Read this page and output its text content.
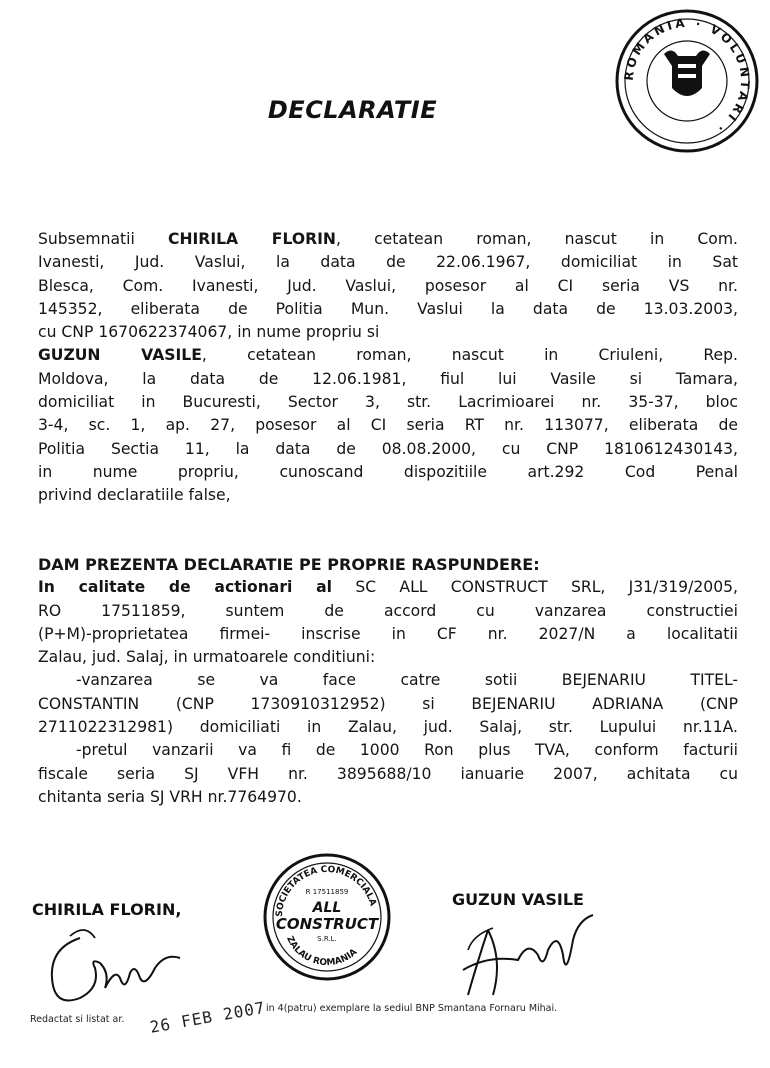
ROMANIA · VOLUNTARI ·
DECLARATIE
Subsemnatii CHIRILA FLORIN, cetatean roman, nascut in Com.
Ivanesti, Jud. Vaslui, la data de 22.06.1967, domiciliat in Sat
Blesca, Com. Ivanesti, Jud. Vaslui, posesor al CI seria VS nr.
145352, eliberata de Politia Mun. Vaslui la data de 13.03.2003,
cu CNP 1670622374067, in nume propriu si
GUZUN VASILE, cetatean roman, nascut in Criuleni, Rep.
Moldova, la data de 12.06.1981, fiul lui Vasile si Tamara,
domiciliat in Bucuresti, Sector 3, str. Lacrimioarei nr. 35-37, bloc
3-4, sc. 1, ap. 27, posesor al CI seria RT nr. 113077, eliberata de
Politia Sectia 11, la data de 08.08.2000, cu CNP 1810612430143,
in nume propriu, cunoscand dispozitiile art.292 Cod Penal
privind declaratiile false,
DAM PREZENTA DECLARATIE PE PROPRIE RASPUNDERE:
In calitate de actionari al SC ALL CONSTRUCT SRL, J31/319/2005,
RO 17511859, suntem de accord cu vanzarea constructiei
(P+M)-proprietatea firmei- inscrise in CF nr. 2027/N a localitatii
Zalau, jud. Salaj, in urmatoarele conditiuni:
-vanzarea se va face catre sotii BEJENARIU TITEL-
CONSTANTIN (CNP 1730910312952) si BEJENARIU ADRIANA (CNP
2711022312981) domiciliati in Zalau, jud. Salaj, str. Lupului nr.11A.
-pretul vanzarii va fi de 1000 Ron plus TVA, conform facturii
fiscale seria SJ VFH nr. 3895688/10 ianuarie 2007, achitata cu
chitanta seria SJ VRH nr.7764970.
CHIRILA FLORIN,
GUZUN VASILE
SOCIETATEA COMERCIALA
ZALAU ROMANIA
R 17511859
ALL
CONSTRUCT
S.R.L.
Redactat si listat ar.
in 4(patru) exemplare la sediul BNP Smantana Fornaru Mihai.
26 FEB 2007
